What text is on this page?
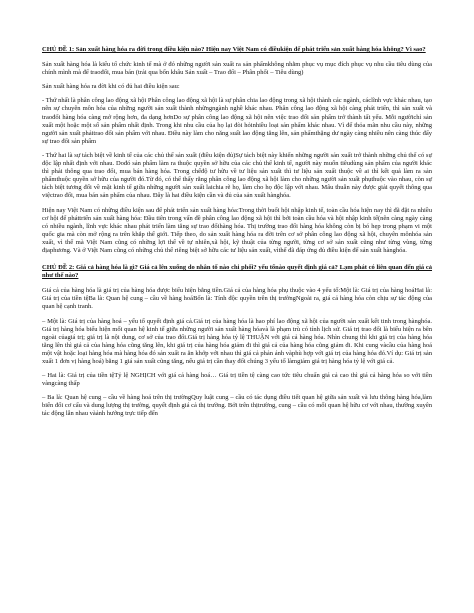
CHỦ ĐỀ 1: Sản xuất hàng hóa ra đời trong điều kiện nào? Hiện nay Việt Nam có điềukiện để phát triển sản xuất hàng hóa không? Vì sao?

Sản xuất hàng hóa là kiểu tổ chức kinh tế mà ở đó những người sản xuất ra sản phẩmkhông nhằm phục vụ mục đích phục vụ nhu cầu tiêu dùng của chính mình mà để traođổi, mua bán (trải qua bốn khâu Sản xuất – Trao đổi – Phân phối – Tiêu dùng)

Sản xuất hàng hóa ra đời khi có đủ hai điều kiện sau:

- Thứ nhất là phân công lao động xã hội Phân công lao động xã hội là sự phân chia lao động trong xã hội thành các ngành, cáclĩnh vực khác nhau, tạo nên sự chuyên môn hóa của những người sản xuất thành nhữngngành nghề khác nhau. Phân công lao động xã hội càng phát triển, thì sản xuất và traođổi hàng hóa càng mở rộng hơn, đa dạng hơnDo sự phân công lao động xã hội nên việc trao đổi sản phẩm trở thành tất yếu. Mỗi ngườichỉ sản xuất một hoặc một số sản phẩm nhất định. Trong khi nhu cầu của họ lại đòi hỏinhiều loại sản phẩm khác nhau. Vì để thỏa mãn nhu cầu này, những người sản xuất phảitrao đổi sản phẩm với nhau. Điều này làm cho năng suất lao động tăng lên, sản phẩmthặng dư ngày càng nhiều nên càng thúc đẩy sự trao đổi sản phẩm

- Thứ hai là sự tách biệt về kinh tế của các chủ thể sản xuất (điều kiện đủ)Sự tách biệt này khiến những người sản xuất trở thành những chủ thể có sự độc lập nhất định với nhau. Dođó sản phẩm làm ra thuộc quyền sở hữu của các chủ thể kinh tế, người này muốn tiêudùng sản phẩm của người khác thì phải thông qua trao đổi, mua bán hàng hóa. Trong chếđộ tư hữu về tư liệu sản xuất thì tư liệu sản xuất thuộc về ai thì kết quả làm ra sản phẩmthuộc quyền sở hữu của người đó.Từ đó, có thể thấy rằng phân công lao động xã hội làm cho những người sản xuất phụthuộc vào nhau, còn sự tách biệt tương đối về mặt kinh tế giữa những người sản xuất laichia rẽ họ, làm cho họ độc lập với nhau. Mâu thuẫn này được giải quyết thông qua việctrao đổi, mua bán sản phẩm của nhau. Đây là hai điều kiện cần và đủ của sản xuất hànghóa.

Hiện nay Việt Nam có những điều kiện sau để phát triển sản xuất hàng hóa:Trong thời buổi hội nhập kinh tế, toàn cầu hóa hiện nay thì đã đặt ra nhiều cơ hội để pháttriển sản xuất hàng hóa: Đầu tiên trong vấn đề phân công lao động xã hội thì bởi toàn cầu hóa và hội nhập kinh tế(nên càng ngày càng có nhiều ngành, lĩnh vực khác nhau phát triển làm tăng sự trao đổihàng hóa. Thị trường trao đổi hàng hóa không còn bị bó hẹp trong phạm vi một quốc gia mà còn mở rộng ra trên khắp thế giới. Tiếp theo, do sản xuất hàng hóa ra đời trên cơ sở phân công lao động xã hội, chuyên mônhóa sản xuất, vì thế mà Việt Nam cũng có những lợi thế về tự nhiên,xã hội, kỹ thuật của từng người, từng cơ sở sản xuất cũng như từng vùng, từng địaphương. Và ở Việt Nam cũng có những chủ thể riêng biệt sở hữu các tư liệu sản xuất, vìthế đã đáp ứng đủ điều kiện để sản xuất hànghóa.

CHỦ ĐỀ 2: Giá cả hàng hóa là gì? Giá cả lên xuống do nhân tố nào chi phối? yếu tốnào quyết định giá cả? Lạm phát có liên quan đến giá cả như thế nào?

Giá cả của hàng hóa là giá trị của hàng hóa được biểu hiện bằng tiền.Giá cả của hàng hóa phụ thuộc vào 4 yếu tố:Một là: Giá trị của hàng hoáHai là: Giá trị của tiền tệBa là: Quan hệ cung – cầu về hàng hoáBốn là: Tính độc quyền trên thị trườngNgoài ra, giá cả hàng hóa còn chịu sự tác động của quan hệ cạnh tranh.

– Một là: Giá trị của hàng hoá – yếu tố quyết định giá cả.Giá trị của hàng hóa là hao phí lao động xã hội của người sản xuất kết tinh trong hànghóa. Giá trị hàng hóa biểu hiện mối quan hệ kinh tế giữa những người sản xuất hàng hóavà là phạm trù có tính lịch sử. Giá trị trao đổi là biểu hiện ra bên ngoài củagiá trị; giá trị là nội dung, cơ sở của trao đổi.Giá trị hàng hóa tỷ lệ THUẬN với giá cả hàng hóa. Nhìn chung thì khi giá trị của hàng hóa tăng lên thì giá cả của hàng hóa cũng tăng lên, khi giá trị của hàng hóa giảm đi thì giá cả của hàng hóa cũng giảm đi. Khi cung vàcầu của hàng hoá một vật hoặc loại hàng hóa mà hàng hóa đó sản xuất ra ăn khớp với nhau thì giá cả phản ánh vàphù hợp với giá trị của hàng hóa đó.Ví dụ: Giá trị sản xuất 1 đơn vị hàng hoá) bằng 1 giá sản xuất cũng tăng, nếu giá trị cần thay đổi chúng 3 yếu tố làmgiảm giá trị hàng hóa tỷ lệ với giá cả.

– Hai là: Giá trị của tiền tệTỷ lệ NGHỊCH với giá cả hàng hoá… Giá trị tiền tệ càng cao tức tiêu chuẩn giá cả cao thì giá cả hàng hóa so với tiền vàngcàng thấp

– Ba là: Quan hệ cung – cầu về hàng hoá trên thị trườngQuy luật cung – cầu có tác dụng điều tiết quan hệ giữa sản xuất và lưu thông hàng hóa,làm biến đổi cơ cấu và dung lượng thị trường, quyết định giá cả thị trường. Bởi trên thịtrường, cung – cầu có mối quan hệ hữu cơ với nhau, thường xuyên tác động lẫn nhau vàảnh hưởng trực tiếp đến
